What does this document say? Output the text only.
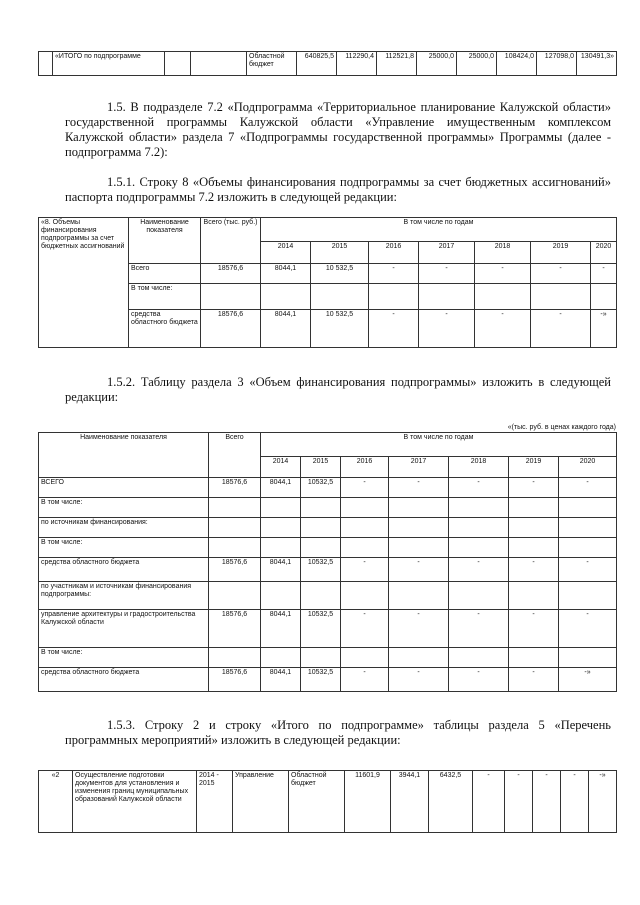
	«ИТОГО по подпрограмме			Областной бюджет	640825,5	112290,4	112521,8	25000,0	25000,0	108424,0	127098,0	130491,3»
1.5. В подразделе 7.2 «Подпрограмма «Территориальное планирование Калужской области» государственной программы Калужской области «Управление имущественным комплексом Калужской области» раздела 7 «Подпрограммы государственной программы» Программы (далее - подпрограмма 7.2):
1.5.1. Строку 8 «Объемы финансирования подпрограммы за счет бюджетных ассигнований» паспорта подпрограммы 7.2 изложить в следующей редакции:
«8. Объемы финансирования подпрограммы за счет бюджетных ассигнований	Наименование показателя	Всего (тыс. руб.)	В том числе по годам						
			2014	2015	2016	2017	2018	2019	2020
	Всего	18576,6	8044,1	10 532,5	-	-	-	-	-
	В том числе:								
	средства областного бюджета	18576,6	8044,1	10 532,5	-	-	-	-	-»
1.5.2. Таблицу раздела 3 «Объем финансирования подпрограммы» изложить в следующей редакции:
«(тыс. руб. в ценах каждого года)
Наименование показателя	Всего	В том числе по годам						
		2014	2015	2016	2017	2018	2019	2020
ВСЕГО	18576,6	8044,1	10532,5	-	-	-	-	-
В том числе:								
по источникам финансирования:								
В том числе:								
средства областного бюджета	18576,6	8044,1	10532,5	-	-	-	-	-
по участникам и источникам финансирования подпрограммы:								
управление архитектуры и градостроительства Калужской области	18576,6	8044,1	10532,5	-	-	-	-	-
В том числе:								
средства областного бюджета	18576,6	8044,1	10532,5	-	-	-	-	-»
1.5.3. Строку 2 и строку «Итого по подпрограмме» таблицы раздела 5 «Перечень программных мероприятий» изложить в следующей редакции:
«2	Осуществление подготовки документов для установления и изменения границ муниципальных образований Калужской области	2014 - 2015	Управление	Областной бюджет	11601,9	3944,1	6432,5	-	-	-	-	-»
